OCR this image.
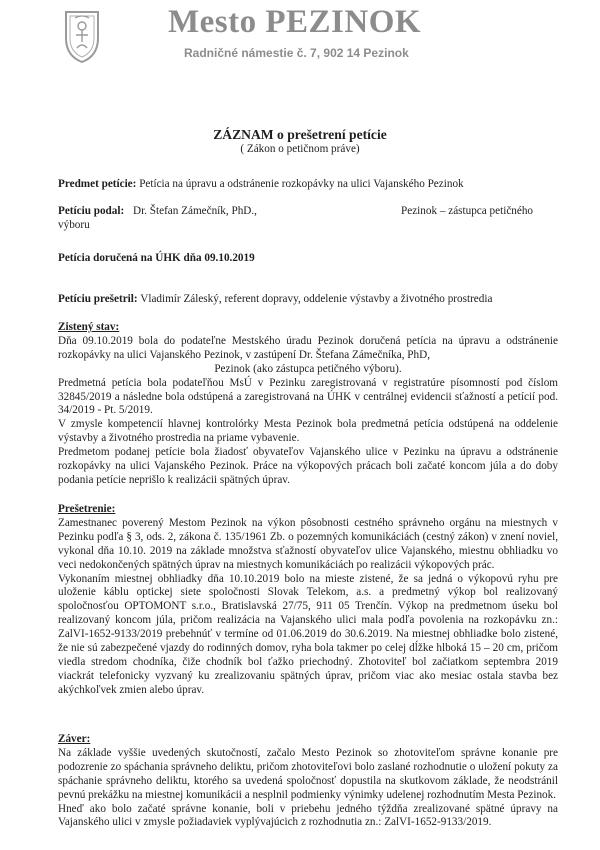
Mesto PEZINOK
Radničné námestie č. 7, 902 14 Pezinok
ZÁZNAM o prešetrení petície
( Zákon o petičnom práve)
Predmet petície: Petícia na úpravu a odstránenie rozkopávky na ulici Vajanského Pezinok
Petíciu podal: Dr. Štefan Zámečník, PhD.,	Pezinok – zástupca petičného
výboru
Petícia doručená na ÚHK dňa 09.10.2019
Petíciu prešetril: Vladimír Záleský, referent dopravy, oddelenie výstavby a životného prostredia
Zistený stav:
Dňa 09.10.2019 bola do podateľne Mestského úradu Pezinok doručená petícia na úpravu a odstránenie rozkopávky na ulici Vajanského Pezinok, v zastúpení Dr. Štefana Zámečníka, PhD,
Pezinok (ako zástupca petičného výboru).
Predmetná petícia bola podateľňou MsÚ v Pezinku zaregistrovaná v registratúre písomností pod číslom 32845/2019 a následne bola odstúpená a zaregistrovaná na ÚHK v centrálnej evidencii sťažností a petícií pod. 34/2019 - Pt. 5/2019.
V zmysle kompetencií hlavnej kontrolórky Mesta Pezinok bola predmetná petícia odstúpená na oddelenie výstavby a životného prostredia na priame vybavenie.
Predmetom podanej petície bola žiadosť obyvateľov Vajanského ulice v Pezinku na úpravu a odstránenie rozkopávky na ulici Vajanského Pezinok. Práce na výkopových prácach boli začaté koncom júla a do doby podania petície neprišlo k realizácii spätných úprav.
Prešetrenie:
Zamestnanec poverený Mestom Pezinok na výkon pôsobnosti cestného správneho orgánu na miestnych v Pezinku podľa § 3, ods. 2, zákona č. 135/1961 Zb. o pozemných komunikáciách (cestný zákon) v znení noviel, vykonal dňa 10.10. 2019 na základe množstva sťažností obyvateľov ulice Vajanského, miestnu obhliadku vo veci nedokončených spätných úprav na miestnych komunikáciách po realizácii výkopových prác.
Vykonaním miestnej obhliadky dňa 10.10.2019 bolo na mieste zistené, že sa jedná o výkopovú ryhu pre uloženie káblu optickej siete spoločnosti Slovak Telekom, a.s. a predmetný výkop bol realizovaný spoločnosťou OPTOMONT s.r.o., Bratislavská 27/75, 911 05 Trenčín. Výkop na predmetnom úseku bol realizovaný koncom júla, pričom realizácia na Vajanského ulici mala podľa povolenia na rozkopávku zn.: ZalVI-1652-9133/2019 prebehnúť v termíne od 01.06.2019 do 30.6.2019. Na miestnej obhliadke bolo zistené, že nie sú zabezpečené vjazdy do rodinných domov, ryha bola takmer po celej dĺžke hlboká 15 – 20 cm, pričom viedla stredom chodníka, čiže chodník bol ťažko priechodný. Zhotoviteľ bol začiatkom septembra 2019 viackrát telefonicky vyzvaný ku zrealizovaniu spätných úprav, pričom viac ako mesiac ostala stavba bez akýchkoľvek zmien alebo úprav.
Záver:
Na základe vyššie uvedených skutočností, začalo Mesto Pezinok so zhotoviteľom správne konanie pre podozrenie zo spáchania správneho deliktu, pričom zhotoviteľovi bolo zaslané rozhodnutie o uložení pokuty za spáchanie správneho deliktu, ktorého sa uvedená spoločnosť dopustila na skutkovom základe, že neodstránil pevnú prekážku na miestnej komunikácii a nesplnil podmienky výnimky udelenej rozhodnutím Mesta Pezinok.
Hneď ako bolo začaté správne konanie, boli v priebehu jedného týždňa zrealizované spätné úpravy na Vajanského ulici v zmysle požiadaviek vyplývajúcich z rozhodnutia zn.: ZalVI-1652-9133/2019.
